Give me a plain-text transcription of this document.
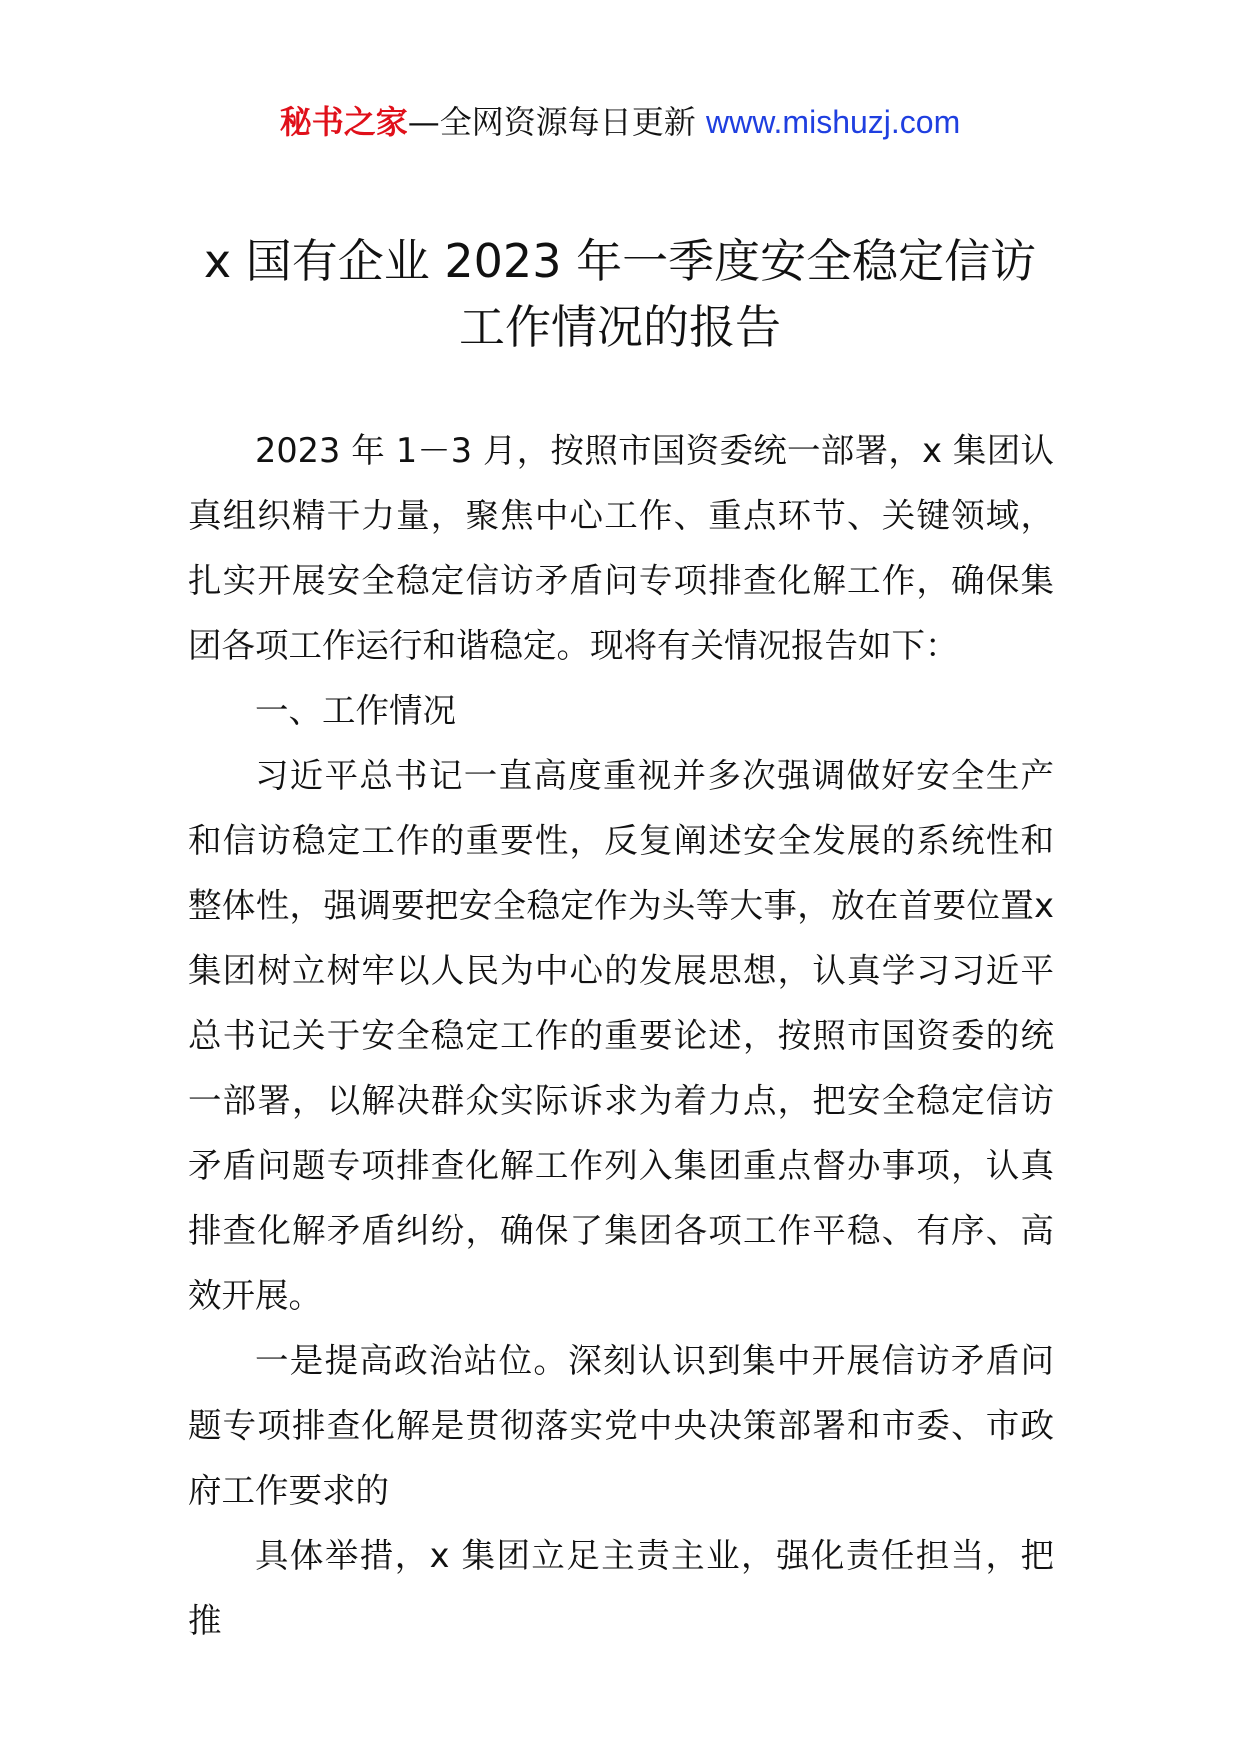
秘书之家—全网资源每日更新 www.mishuzj.com
x 国有企业 2023 年一季度安全稳定信访工作情况的报告

2023 年 1－3 月，按照市国资委统一部署，x 集团认真组织精干力量，聚焦中心工作、重点环节、关键领域，扎实开展安全稳定信访矛盾问专项排查化解工作，确保集团各项工作运行和谐稳定。现将有关情况报告如下：

一、工作情况

习近平总书记一直高度重视并多次强调做好安全生产和信访稳定工作的重要性，反复阐述安全发展的系统性和整体性，强调要把安全稳定作为头等大事，放在首要位置x 集团树立树牢以人民为中心的发展思想，认真学习习近平总书记关于安全稳定工作的重要论述，按照市国资委的统一部署，以解决群众实际诉求为着力点，把安全稳定信访矛盾问题专项排查化解工作列入集团重点督办事项，认真排查化解矛盾纠纷，确保了集团各项工作平稳、有序、高效开展。

一是提高政治站位。深刻认识到集中开展信访矛盾问题专项排查化解是贯彻落实党中央决策部署和市委、市政府工作要求的

具体举措，x 集团立足主责主业，强化责任担当，把推
